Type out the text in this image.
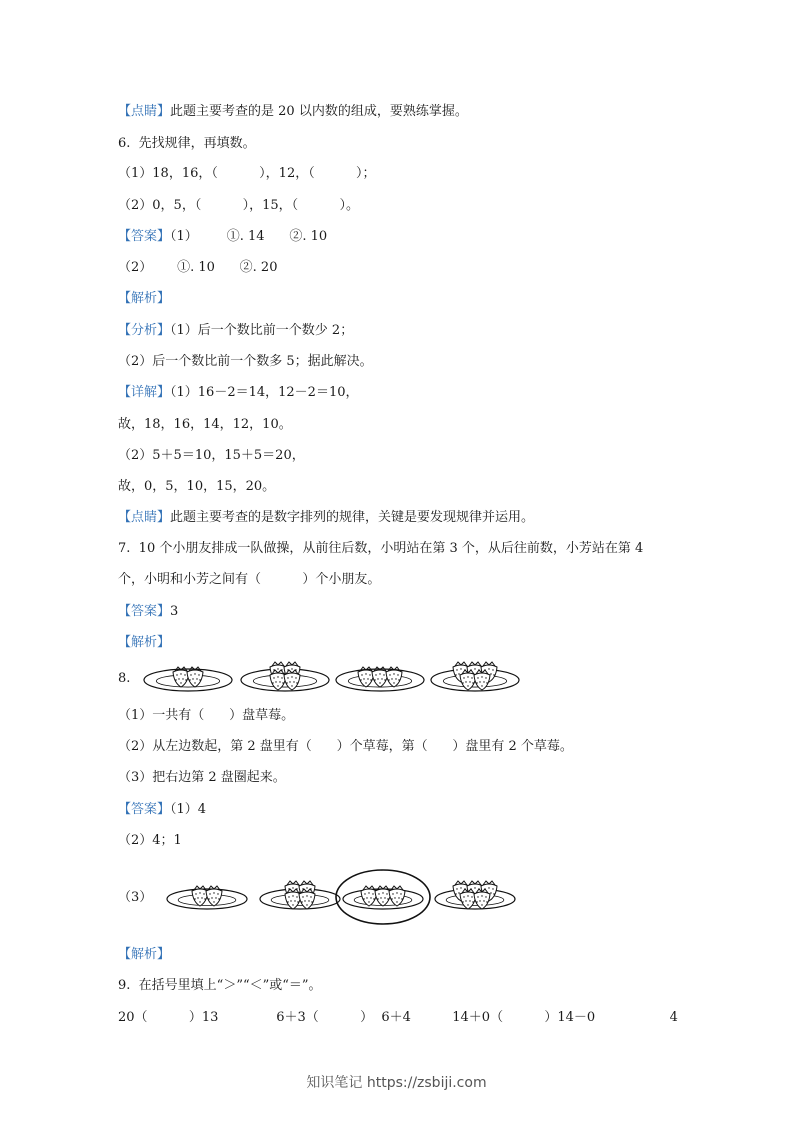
【点睛】此题主要考查的是 20 以内数的组成，要熟练掌握。
6.  先找规律，再填数。
（1）18，16，（          ），12，（          ）；
（2）0，5，（          ），15，（          ）。
【答案】（1）       ①. 14      ②. 10
（2）      ①. 10      ②. 20
【解析】
【分析】（1）后一个数比前一个数少 2；
（2）后一个数比前一个数多 5；据此解决。
【详解】（1）16－2＝14，12－2＝10，
故，18，16，14，12，10。
（2）5＋5＝10，15＋5＝20，
故，0，5，10，15，20。
【点睛】此题主要考查的是数字排列的规律，关键是要发现规律并运用。
7.  10 个小朋友排成一队做操，从前往后数，小明站在第 3 个，从后往前数，小芳站在第 4
个，小明和小芳之间有（          ）个小朋友。
【答案】3
【解析】
8.
（1）一共有（      ）盘草莓。
（2）从左边数起，第 2 盘里有（      ）个草莓，第（      ）盘里有 2 个草莓。
（3）把右边第 2 盘圈起来。
【答案】（1）4
（2）4；1
（3）
【解析】
9.  在括号里填上“＞”“＜”或“＝”。
20（          ）13              6＋3（          ）  6＋4          14＋0（          ）14－0                  4
知识笔记 https://zsbiji.com
